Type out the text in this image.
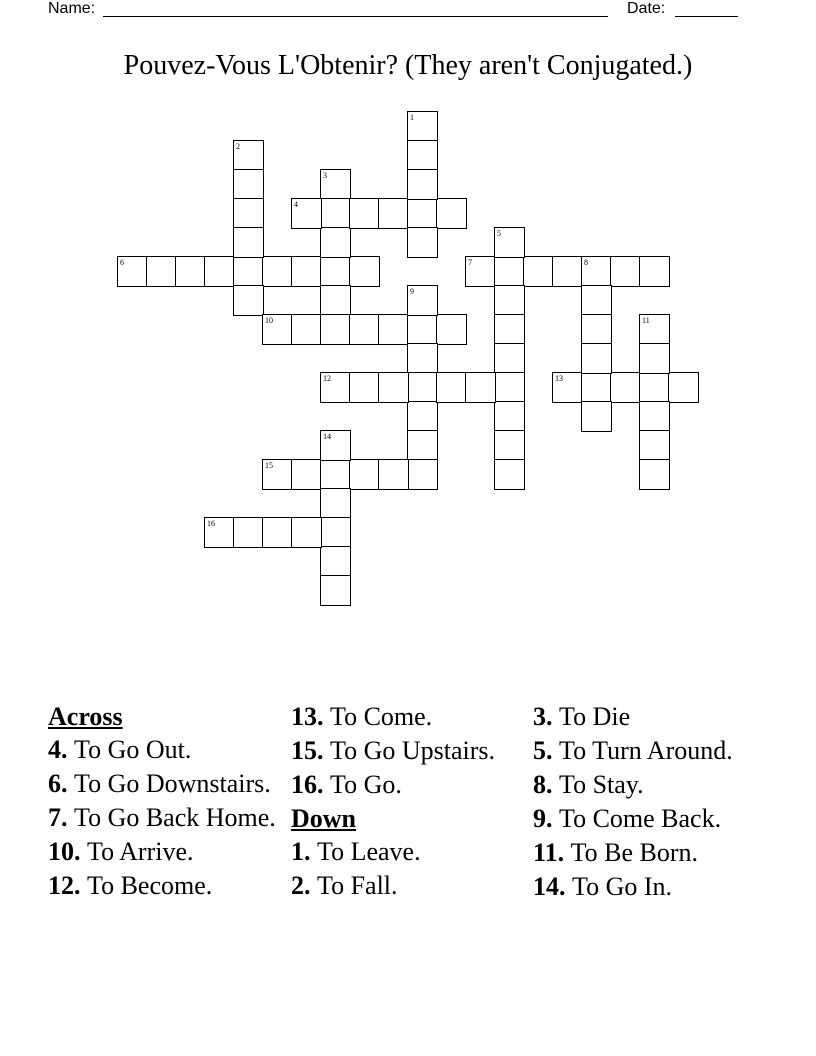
Name:	Date:
Pouvez-Vous L'Obtenir? (They aren't Conjugated.)
6
2
3
4
1
10
9
7	8
5
12	13
11
15
14
16
Across
4. To Go Out.
6. To Go Downstairs.
7. To Go Back Home.
10. To Arrive.
12. To Become.
13. To Come.
15. To Go Upstairs.
16. To Go.
Down
1. To Leave.
2. To Fall.
3. To Die
5. To Turn Around.
8. To Stay.
9. To Come Back.
11. To Be Born.
14. To Go In.
